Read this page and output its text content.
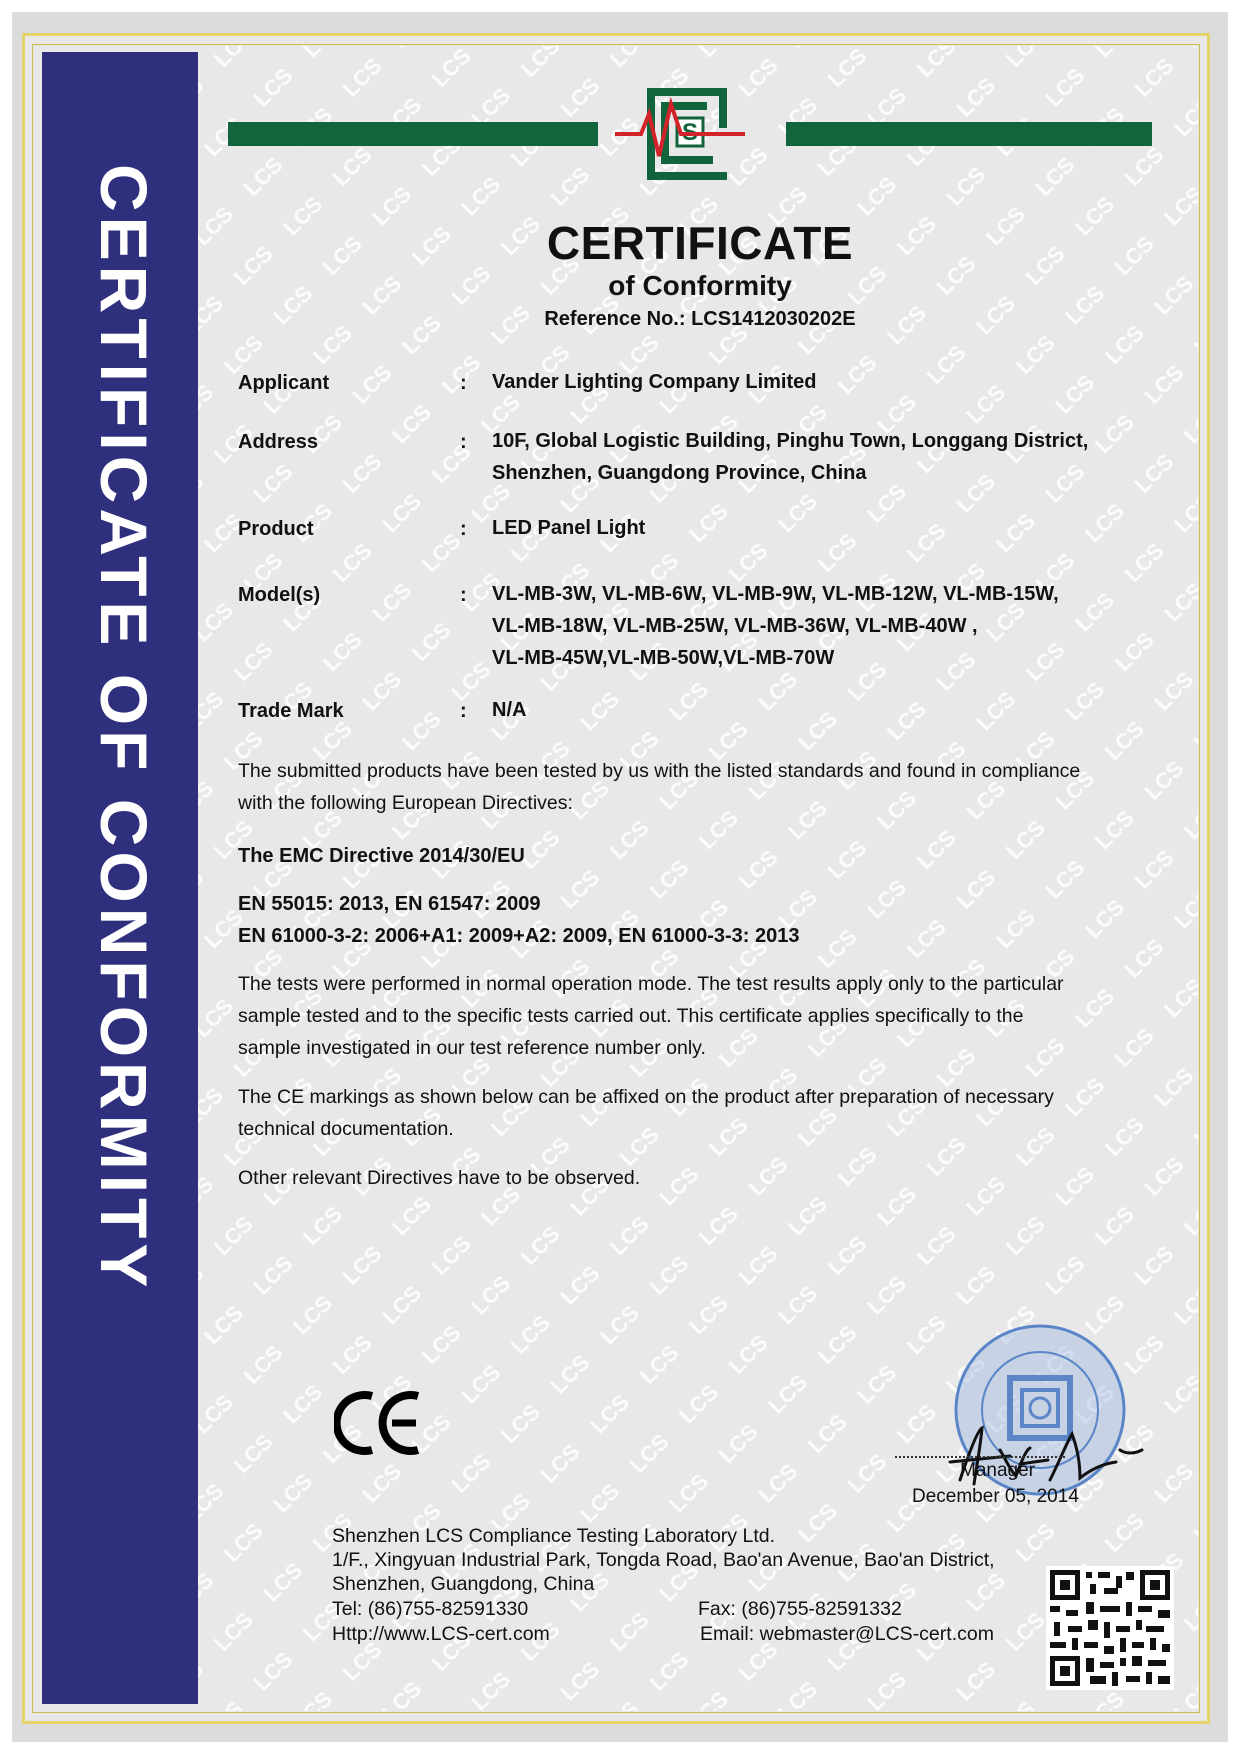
CERTIFICATE OF CONFORMITY
S
CERTIFICATE
of Conformity
Reference No.: LCS1412030202E
Applicant	: Vander Lighting Company Limited
Address	: 10F, Global Logistic Building, Pinghu Town, Longgang District,
Shenzhen, Guangdong Province, China
Product	: LED Panel Light
Model(s)	: VL-MB-3W, VL-MB-6W, VL-MB-9W, VL-MB-12W, VL-MB-15W,
VL-MB-18W, VL-MB-25W, VL-MB-36W, VL-MB-40W ,
VL-MB-45W,VL-MB-50W,VL-MB-70W
Trade Mark	: N/A
The submitted products have been tested by us with the listed standards and found in compliance
with the following European Directives:
The EMC Directive 2014/30/EU
EN 55015: 2013, EN 61547: 2009
EN 61000-3-2: 2006+A1: 2009+A2: 2009, EN 61000-3-3: 2013
The tests were performed in normal operation mode. The test results apply only to the particular
sample tested and to the specific tests carried out. This certificate applies specifically to the
sample investigated in our test reference number only.
The CE markings as shown below can be affixed on the product after preparation of necessary
technical documentation.
Other relevant Directives have to be observed.
Manager
December 05, 2014
Shenzhen LCS Compliance Testing Laboratory Ltd.
1/F., Xingyuan Industrial Park, Tongda Road, Bao'an Avenue, Bao'an District,
Shenzhen, Guangdong, China
Tel: (86)755-82591330	Fax: (86)755-82591332
Http://www.LCS-cert.com	Email: webmaster@LCS-cert.com
